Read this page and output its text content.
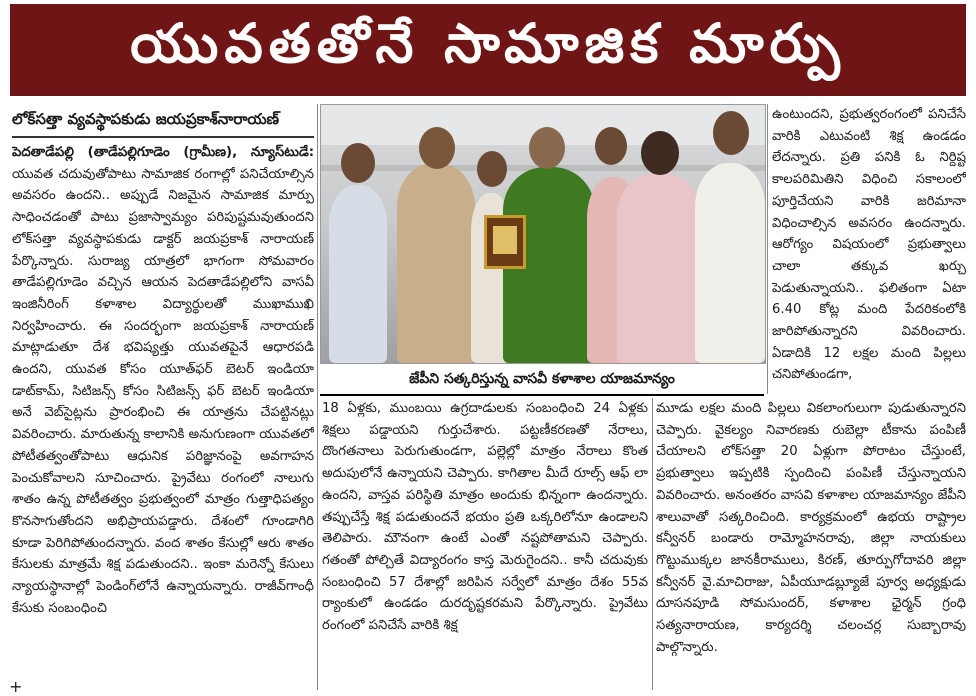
యువతతోనే సామాజిక మార్పు
లోక్‌సత్తా వ్యవస్థాపకుడు జయప్రకాశ్‌నారాయణ్

పెదతాడేపల్లి (తాడేపల్లిగూడెం (గ్రామీణ), న్యూస్‌టుడే: యువత చదువుతోపాటు సామాజిక రంగాల్లో పనిచేయాల్సిన అవసరం ఉందని.. అప్పుడే నిజమైన సామాజిక మార్పు సాధించడంతో పాటు ప్రజాస్వామ్యం పరిపుష్టమవుతుందని లోక్‌సత్తా వ్యవస్థాపకుడు డాక్టర్ జయప్రకాశ్ నారాయణ్ పేర్కొన్నారు. సురాజ్య యాత్రలో భాగంగా సోమవారం తాడేపల్లిగూడెం వచ్చిన ఆయన పెదతాడేపల్లిలోని వాసవీ ఇంజినీరింగ్ కళాశాల విద్యార్థులతో ముఖాముఖి నిర్వహించారు. ఈ సందర్భంగా జయప్రకాశ్ నారాయణ్ మాట్లాడుతూ దేశ భవిష్యత్తు యువతపైనే ఆధారపడి ఉందని, యువత కోసం యూత్‌ఫర్ బెటర్ ఇండియా డాట్‌కామ్, సిటిజన్స్ కోసం సిటిజన్స్ ఫర్ బెటర్ ఇండియా అనే వెబ్‌సైట్లను ప్రారంభించి ఈ యాత్రను చేపట్టినట్లు వివరించారు. మారుతున్న కాలానికి అనుగుణంగా యువతలో పోటీతత్వంతోపాటు ఆధునిక పరిజ్ఞానంపై అవగాహన పెంచుకోవాలని సూచించారు. ప్రైవేటు రంగంలో నాలుగు శాతం ఉన్న పోటీతత్వం ప్రభుత్వంలో మాత్రం గుత్తాధిపత్యం కొనసాగుతోందని అభిప్రాయపడ్డారు. దేశంలో గూండాగిరి కూడా పెరిగిపోతుందన్నారు. వంద శాతం కేసుల్లో ఆరు శాతం కేసులకు మాత్రమే శిక్ష పడుతుందని.. ఇంకా మరెన్నో కేసులు న్యాయస్థానాల్లో పెండింగ్‌లోనే ఉన్నాయన్నారు. రాజీవ్‌గాంధీ కేసుకు సంబంధించి

జేపీని సత్కరిస్తున్న వాసవీ కళాశాల యాజమాన్యం

18 ఏళ్లకు, ముంబయి ఉగ్రదాడులకు సంబంధించి 24 ఏళ్లకు శిక్షలు పడ్డాయని గుర్తుచేశారు. పట్టణీకరణతో నేరాలు, దొంగతనాలు పెరుగుతుండగా, పల్లెల్లో మాత్రం నేరాలు కొంత అదుపులోనే ఉన్నాయని చెప్పారు. కాగితాల మీదే రూల్స్ ఆఫ్ లా ఉందని, వాస్తవ పరిస్థితి మాత్రం అందుకు భిన్నంగా ఉందన్నారు. తప్పుచేస్తే శిక్ష పడుతుందనే భయం ప్రతి ఒక్కరిలోనూ ఉండాలని తెలిపారు. మౌనంగా ఉంటే ఎంతో నష్టపోతామని చెప్పారు. గతంతో పోల్చితే విద్యారంగం కాస్త మెరుగైందని.. కానీ చదువుకు సంబంధించి 57 దేశాల్లో జరిపిన సర్వేలో మాత్రం దేశం 55వ ర్యాంకులో ఉండడం దురదృష్టకరమని పేర్కొన్నారు. ప్రైవేటు రంగంలో పనిచేసే వారికి శిక్ష

మూడు లక్షల మంది పిల్లలు వికలాంగులుగా పుడుతున్నారని చెప్పారు. వైకల్యం నివారణకు రుబెల్లా టీకాను పంపిణీ చేయాలని లోక్‌సత్తా 20 ఏళ్లుగా పోరాటం చేస్తుంటే, ప్రభుత్వాలు ఇప్పటికి స్పందించి పంపిణీ చేస్తున్నాయని వివరించారు. అనంతరం వాసవి కళాశాల యాజమాన్యం జేపీని శాలువాతో సత్కరించింది. కార్యక్రమంలో ఉభయ రాష్ట్రాల కన్వీనర్ బండారు రామ్మోహనరావు, జిల్లా నాయకులు గొట్టుముక్కల జానకీరాములు, కిరణ్, తూర్పుగోదావరి జిల్లా కన్వీనర్ వై.మాచిరాజు, ఏపీయూడబ్ల్యూజే పూర్వ అధ్యక్షుడు దూసనపూడి సోమసుందర్, కళాశాల ఛైర్మన్ గ్రంధి సత్యనారాయణ, కార్యదర్శి చలంచర్ల సుబ్బారావు పాల్గొన్నారు.

ఉంటుందని, ప్రభుత్వరంగంలో పనిచేసే వారికి ఎటువంటి శిక్ష ఉండడం లేదన్నారు. ప్రతి పనికి ఓ నిర్దిష్ట కాలపరిమితిని విధించి సకాలంలో పూర్తిచేయని వారికి జరిమానా విధించాల్సిన అవసరం ఉందన్నారు. ఆరోగ్యం విషయంలో ప్రభుత్వాలు చాలా తక్కువ ఖర్చు పెడుతున్నాయని.. ఫలితంగా ఏటా 6.40 కోట్ల మంది పేదరికంలోకి జారిపోతున్నారని వివరించారు. ఏడాదికి 12 లక్షల మంది పిల్లలు చనిపోతుండగా,

+
